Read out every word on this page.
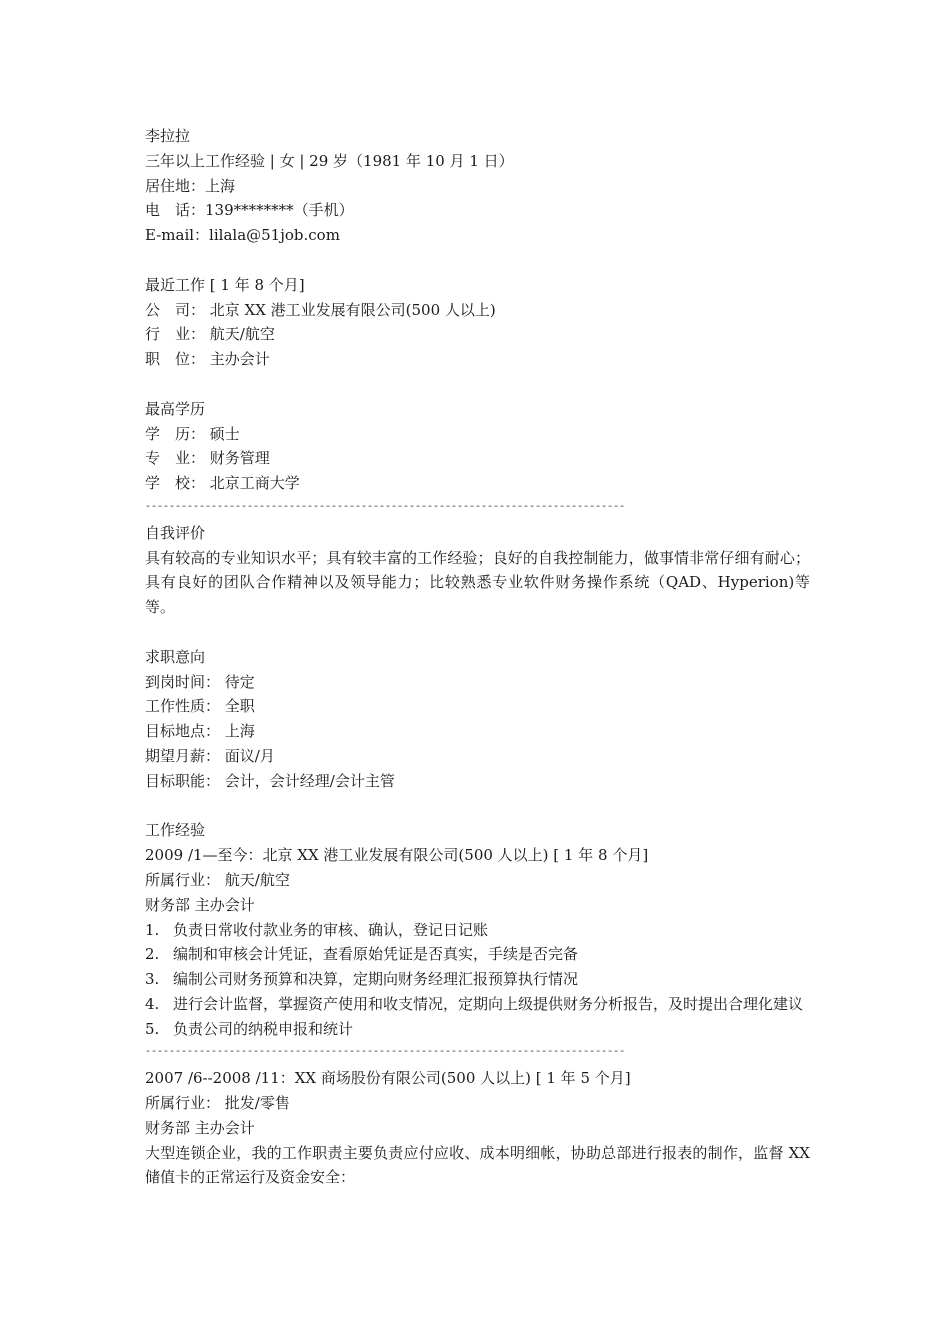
李拉拉
三年以上工作经验 | 女 | 29 岁（1981 年 10 月 1 日）
居住地：上海
电　话：139********（手机）
E-mail：lilala@51job.com
最近工作 [ 1 年 8 个月]
公　司： 北京 XX 港工业发展有限公司(500 人以上)
行　业： 航天/航空
职　位： 主办会计
最高学历
学　历： 硕士
专　业： 财务管理
学　校： 北京工商大学
--------------------------------------------------------------------------------
自我评价
具有较高的专业知识水平；具有较丰富的工作经验；良好的自我控制能力，做事情非常仔细有耐心；具有良好的团队合作精神以及领导能力；比较熟悉专业软件财务操作系统（QAD、Hyperion)等等。
求职意向
到岗时间： 待定
工作性质： 全职
目标地点： 上海
期望月薪： 面议/月
目标职能： 会计，会计经理/会计主管
工作经验
2009 /1—至今：北京 XX 港工业发展有限公司(500 人以上) [ 1 年 8 个月]
所属行业： 航天/航空
财务部 主办会计
1. 负责日常收付款业务的审核、确认，登记日记账
2. 编制和审核会计凭证，查看原始凭证是否真实，手续是否完备
3. 编制公司财务预算和决算，定期向财务经理汇报预算执行情况
4. 进行会计监督，掌握资产使用和收支情况，定期向上级提供财务分析报告，及时提出合理化建议
5. 负责公司的纳税申报和统计
--------------------------------------------------------------------------------
2007 /6--2008 /11：XX 商场股份有限公司(500 人以上) [ 1 年 5 个月]
所属行业： 批发/零售
财务部 主办会计
大型连锁企业，我的工作职责主要负责应付应收、成本明细帐，协助总部进行报表的制作，监督 XX 储值卡的正常运行及资金安全：
